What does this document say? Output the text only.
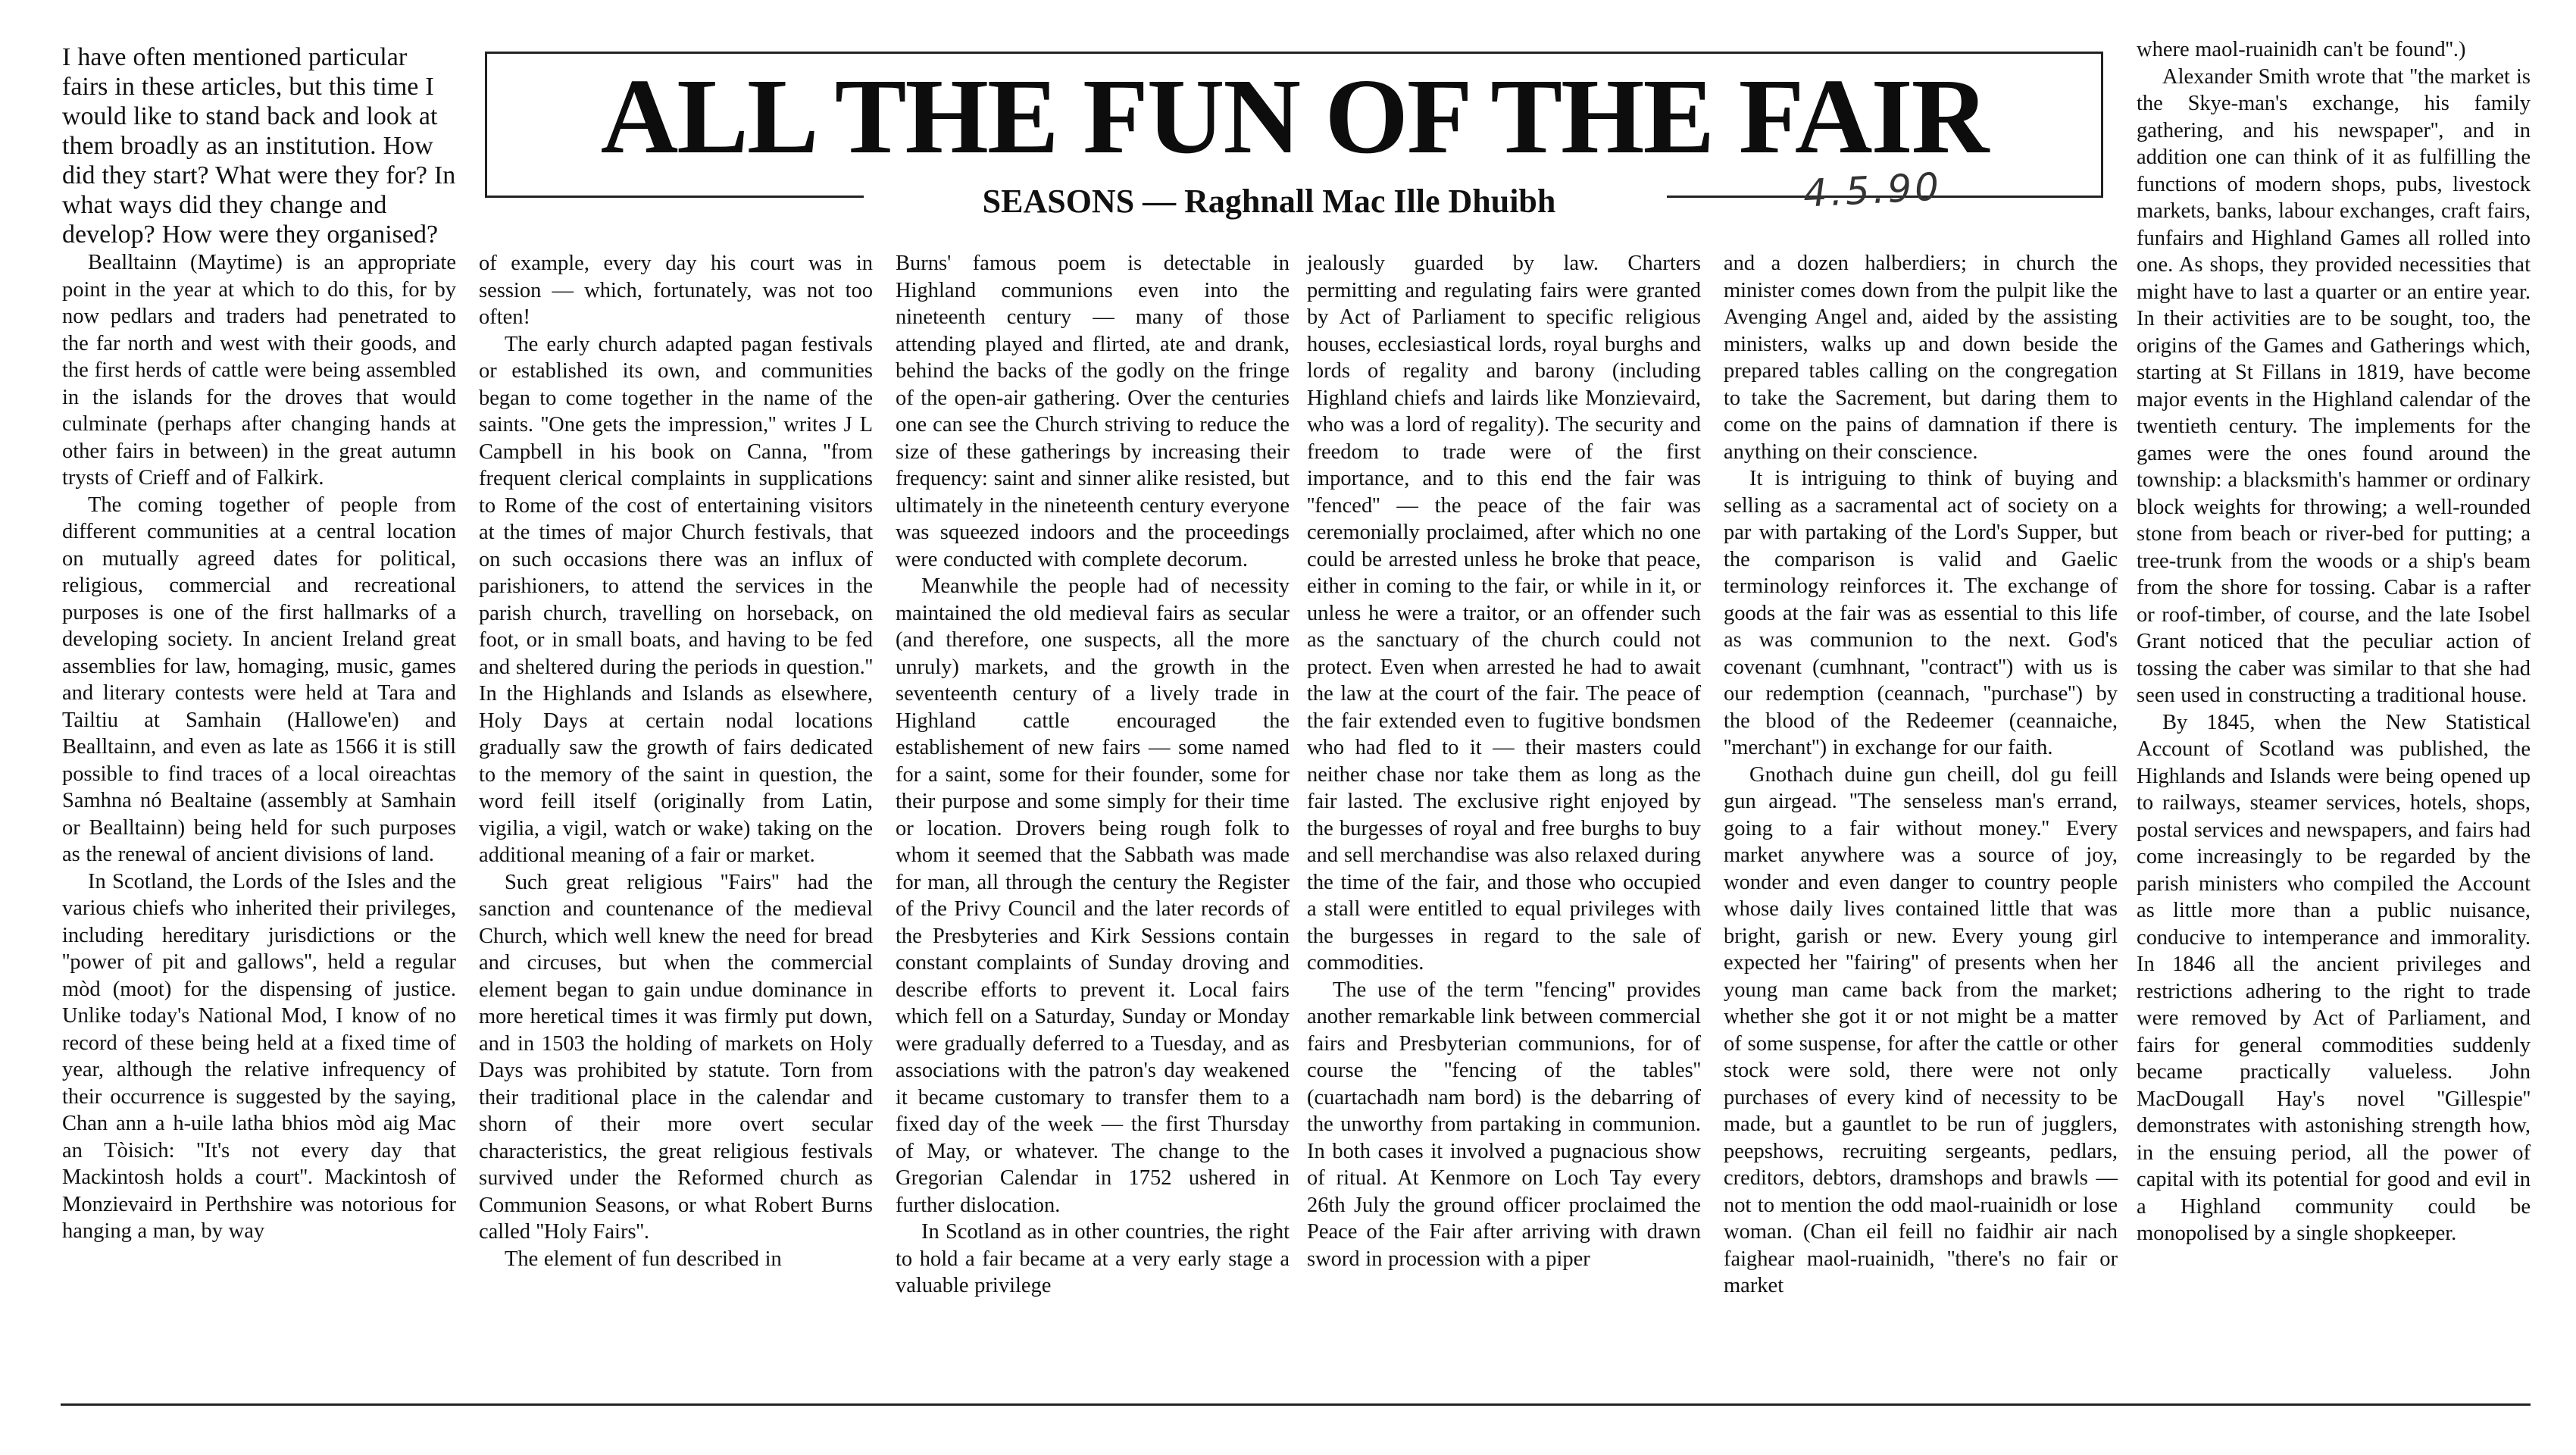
ALL THE FUN OF THE FAIR
SEASONS — Raghnall Mac Ille Dhuibh	4.5.90

I have often mentioned particular fairs in these articles, but this time I would like to stand back and look at them broadly as an institution. How did they start? What were they for? In what ways did they change and develop? How were they organised?

Bealltainn (Maytime) is an appropriate point in the year at which to do this, for by now pedlars and traders had penetrated to the far north and west with their goods, and the first herds of cattle were being assembled in the islands for the droves that would culminate (perhaps after changing hands at other fairs in between) in the great autumn trysts of Crieff and of Falkirk.

The coming together of people from different communities at a central location on mutually agreed dates for political, religious, commercial and recreational purposes is one of the first hallmarks of a developing society. In ancient Ireland great assemblies for law, homaging, music, games and literary contests were held at Tara and Tailtiu at Samhain (Hallowe'en) and Bealltainn, and even as late as 1566 it is still possible to find traces of a local oireachtas Samhna nó Bealtaine (assembly at Samhain or Bealltainn) being held for such purposes as the renewal of ancient divisions of land.

In Scotland, the Lords of the Isles and the various chiefs who inherited their privileges, including hereditary jurisdictions or the ''power of pit and gallows'', held a regular mòd (moot) for the dispensing of justice. Unlike today's National Mod, I know of no record of these being held at a fixed time of year, although the relative infrequency of their occurrence is suggested by the saying, Chan ann a h-uile latha bhios mòd aig Mac an Tòisich: ''It's not every day that Mackintosh holds a court''. Mackintosh of Monzievaird in Perthshire was notorious for hanging a man, by way

of example, every day his court was in session — which, fortunately, was not too often!

The early church adapted pagan festivals or established its own, and communities began to come together in the name of the saints. ''One gets the impression,'' writes J L Campbell in his book on Canna, ''from frequent clerical complaints in supplications to Rome of the cost of entertaining visitors at the times of major Church festivals, that on such occasions there was an influx of parishioners, to attend the services in the parish church, travelling on horseback, on foot, or in small boats, and having to be fed and sheltered during the periods in question.'' In the Highlands and Islands as elsewhere, Holy Days at certain nodal locations gradually saw the growth of fairs dedicated to the memory of the saint in question, the word feill itself (originally from Latin, vigilia, a vigil, watch or wake) taking on the additional meaning of a fair or market.

Such great religious ''Fairs'' had the sanction and countenance of the medieval Church, which well knew the need for bread and circuses, but when the commercial element began to gain undue dominance in more heretical times it was firmly put down, and in 1503 the holding of markets on Holy Days was prohibited by statute. Torn from their traditional place in the calendar and shorn of their more overt secular characteristics, the great religious festivals survived under the Reformed church as Communion Seasons, or what Robert Burns called ''Holy Fairs''.

The element of fun described in

Burns' famous poem is detectable in Highland communions even into the nineteenth century — many of those attending played and flirted, ate and drank, behind the backs of the godly on the fringe of the open-air gathering. Over the centuries one can see the Church striving to reduce the size of these gatherings by increasing their frequency: saint and sinner alike resisted, but ultimately in the nineteenth century everyone was squeezed indoors and the proceedings were conducted with complete decorum.

Meanwhile the people had of necessity maintained the old medieval fairs as secular (and therefore, one suspects, all the more unruly) markets, and the growth in the seventeenth century of a lively trade in Highland cattle encouraged the establishement of new fairs — some named for a saint, some for their founder, some for their purpose and some simply for their time or location. Drovers being rough folk to whom it seemed that the Sabbath was made for man, all through the century the Register of the Privy Council and the later records of the Presbyteries and Kirk Sessions contain constant complaints of Sunday droving and describe efforts to prevent it. Local fairs which fell on a Saturday, Sunday or Monday were gradually deferred to a Tuesday, and as associations with the patron's day weakened it became customary to transfer them to a fixed day of the week — the first Thursday of May, or whatever. The change to the Gregorian Calendar in 1752 ushered in further dislocation.

In Scotland as in other countries, the right to hold a fair became at a very early stage a valuable privilege

jealously guarded by law. Charters permitting and regulating fairs were granted by Act of Parliament to specific religious houses, ecclesiastical lords, royal burghs and lords of regality and barony (including Highland chiefs and lairds like Monzievaird, who was a lord of regality). The security and freedom to trade were of the first importance, and to this end the fair was ''fenced'' — the peace of the fair was ceremonially proclaimed, after which no one could be arrested unless he broke that peace, either in coming to the fair, or while in it, or unless he were a traitor, or an offender such as the sanctuary of the church could not protect. Even when arrested he had to await the law at the court of the fair. The peace of the fair extended even to fugitive bondsmen who had fled to it — their masters could neither chase nor take them as long as the fair lasted. The exclusive right enjoyed by the burgesses of royal and free burghs to buy and sell merchandise was also relaxed during the time of the fair, and those who occupied a stall were entitled to equal privileges with the burgesses in regard to the sale of commodities.

The use of the term ''fencing'' provides another remarkable link between commercial fairs and Presbyterian communions, for of course the ''fencing of the tables'' (cuartachadh nam bord) is the debarring of the unworthy from partaking in communion. In both cases it involved a pugnacious show of ritual. At Kenmore on Loch Tay every 26th July the ground officer proclaimed the Peace of the Fair after arriving with drawn sword in procession with a piper

and a dozen halberdiers; in church the minister comes down from the pulpit like the Avenging Angel and, aided by the assisting ministers, walks up and down beside the prepared tables calling on the congregation to take the Sacrement, but daring them to come on the pains of damnation if there is anything on their conscience.

It is intriguing to think of buying and selling as a sacramental act of society on a par with partaking of the Lord's Supper, but the comparison is valid and Gaelic terminology reinforces it. The exchange of goods at the fair was as essential to this life as was communion to the next. God's covenant (cumhnant, ''contract'') with us is our redemption (ceannach, ''purchase'') by the blood of the Redeemer (ceannaiche, ''merchant'') in exchange for our faith.

Gnothach duine gun cheill, dol gu feill gun airgead. ''The senseless man's errand, going to a fair without money.'' Every market anywhere was a source of joy, wonder and even danger to country people whose daily lives contained little that was bright, garish or new. Every young girl expected her ''fairing'' of presents when her young man came back from the market; whether she got it or not might be a matter of some suspense, for after the cattle or other stock were sold, there were not only purchases of every kind of necessity to be made, but a gauntlet to be run of jugglers, peepshows, recruiting sergeants, pedlars, creditors, debtors, dramshops and brawls — not to mention the odd maol-ruainidh or lose woman. (Chan eil feill no faidhir air nach faighear maol-ruainidh, ''there's no fair or market

where maol-ruainidh can't be found''.)

Alexander Smith wrote that ''the market is the Skye-man's exchange, his family gathering, and his newspaper'', and in addition one can think of it as fulfilling the functions of modern shops, pubs, livestock markets, banks, labour exchanges, craft fairs, funfairs and Highland Games all rolled into one. As shops, they provided necessities that might have to last a quarter or an entire year. In their activities are to be sought, too, the origins of the Games and Gatherings which, starting at St Fillans in 1819, have become major events in the Highland calendar of the twentieth century. The implements for the games were the ones found around the township: a blacksmith's hammer or ordinary block weights for throwing; a well-rounded stone from beach or river-bed for putting; a tree-trunk from the woods or a ship's beam from the shore for tossing. Cabar is a rafter or roof-timber, of course, and the late Isobel Grant noticed that the peculiar action of tossing the caber was similar to that she had seen used in constructing a traditional house.

By 1845, when the New Statistical Account of Scotland was published, the Highlands and Islands were being opened up to railways, steamer services, hotels, shops, postal services and newspapers, and fairs had come increasingly to be regarded by the parish ministers who compiled the Account as little more than a public nuisance, conducive to intemperance and immorality. In 1846 all the ancient privileges and restrictions adhering to the right to trade were removed by Act of Parliament, and fairs for general commodities suddenly became practically valueless. John MacDougall Hay's novel ''Gillespie'' demonstrates with astonishing strength how, in the ensuing period, all the power of capital with its potential for good and evil in a Highland community could be monopolised by a single shopkeeper.
